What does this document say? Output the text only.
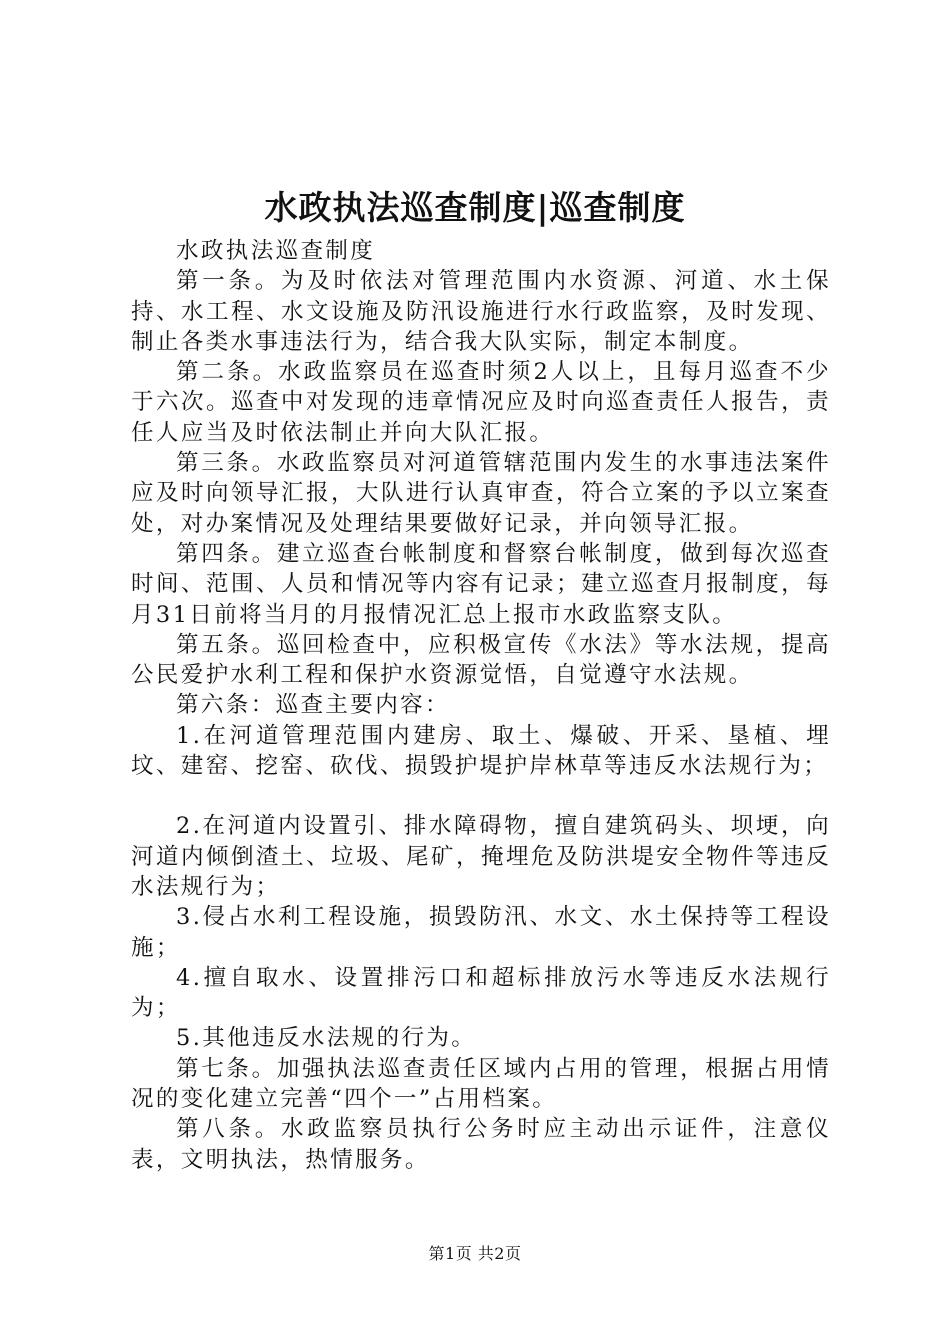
水政执法巡查制度|巡查制度

水政执法巡查制度

第一条。为及时依法对管理范围内水资源、河道、水土保持、水工程、水文设施及防汛设施进行水行政监察，及时发现、制止各类水事违法行为，结合我大队实际，制定本制度。

第二条。水政监察员在巡查时须2人以上，且每月巡查不少于六次。巡查中对发现的违章情况应及时向巡查责任人报告，责任人应当及时依法制止并向大队汇报。

第三条。水政监察员对河道管辖范围内发生的水事违法案件应及时向领导汇报，大队进行认真审查，符合立案的予以立案查处，对办案情况及处理结果要做好记录，并向领导汇报。

第四条。建立巡查台帐制度和督察台帐制度，做到每次巡查时间、范围、人员和情况等内容有记录；建立巡查月报制度，每月31日前将当月的月报情况汇总上报市水政监察支队。

第五条。巡回检查中，应积极宣传《水法》等水法规，提高公民爱护水利工程和保护水资源觉悟，自觉遵守水法规。

第六条：巡查主要内容：

1.在河道管理范围内建房、取土、爆破、开采、垦植、埋坟、建窑、挖窑、砍伐、损毁护堤护岸林草等违反水法规行为；

2.在河道内设置引、排水障碍物，擅自建筑码头、坝埂，向河道内倾倒渣土、垃圾、尾矿，掩埋危及防洪堤安全物件等违反水法规行为；

3.侵占水利工程设施，损毁防汛、水文、水土保持等工程设施；

4.擅自取水、设置排污口和超标排放污水等违反水法规行为；

5.其他违反水法规的行为。

第七条。加强执法巡查责任区域内占用的管理，根据占用情况的变化建立完善“四个一”占用档案。

第八条。水政监察员执行公务时应主动出示证件，注意仪表，文明执法，热情服务。

第1页 共2页
